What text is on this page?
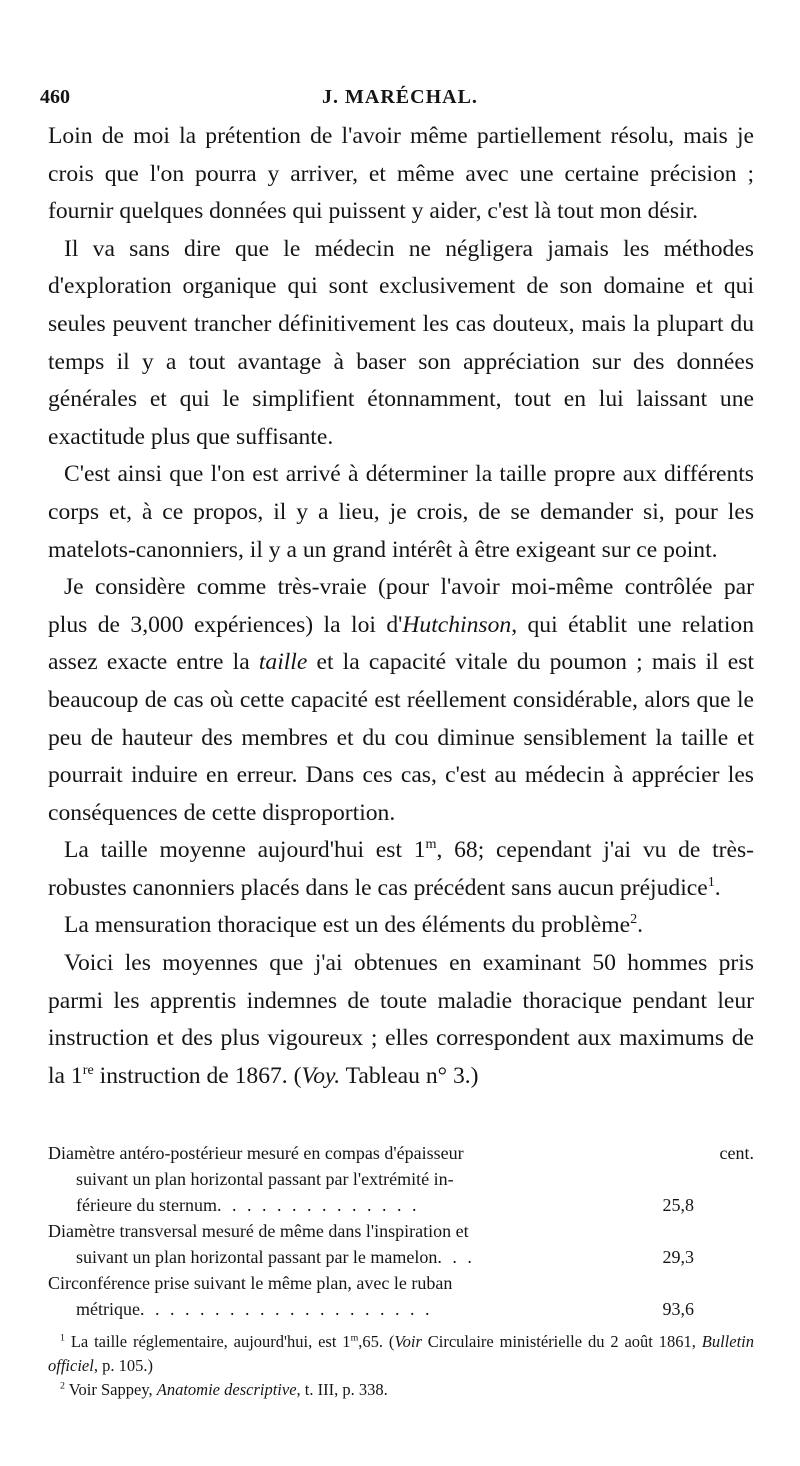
460	J. MARÉCHAL.

Loin de moi la prétention de l'avoir même partiellement résolu, mais je crois que l'on pourra y arriver, et même avec une certaine précision ; fournir quelques données qui puissent y aider, c'est là tout mon désir.

Il va sans dire que le médecin ne négligera jamais les méthodes d'exploration organique qui sont exclusivement de son domaine et qui seules peuvent trancher définitivement les cas douteux, mais la plupart du temps il y a tout avantage à baser son appréciation sur des données générales et qui le simplifient étonnamment, tout en lui laissant une exactitude plus que suffisante.

C'est ainsi que l'on est arrivé à déterminer la taille propre aux différents corps et, à ce propos, il y a lieu, je crois, de se demander si, pour les matelots-canonniers, il y a un grand intérêt à être exigeant sur ce point.

Je considère comme très-vraie (pour l'avoir moi-même contrôlée par plus de 3,000 expériences) la loi d'Hutchinson, qui établit une relation assez exacte entre la taille et la capacité vitale du poumon ; mais il est beaucoup de cas où cette capacité est réellement considérable, alors que le peu de hauteur des membres et du cou diminue sensiblement la taille et pourrait induire en erreur. Dans ces cas, c'est au médecin à apprécier les conséquences de cette disproportion.

La taille moyenne aujourd'hui est 1$^m$, 68; cependant j'ai vu de très-robustes canonniers placés dans le cas précédent sans aucun préjudice$^1$.

La mensuration thoracique est un des éléments du problème$^2$.

Voici les moyennes que j'ai obtenues en examinant 50 hommes pris parmi les apprentis indemnes de toute maladie thoracique pendant leur instruction et des plus vigoureux ; elles correspondent aux maximums de la 1re instruction de 1867. (Voy. Tableau n° 3.)

cent.
Diamètre antéro-postérieur mesuré en compas d'épaisseur
suivant un plan horizontal passant par l'extrémité in-
férieure du sternum. . . . . . . . . . . . . .	25,8
Diamètre transversal mesuré de même dans l'inspiration et
suivant un plan horizontal passant par le mamelon. . .	29,3
Circonférence prise suivant le même plan, avec le ruban
métrique. . . . . . . . . . . . . . . . . . . .	93,6

$^1$ La taille réglementaire, aujourd'hui, est 1$^m$,65. (Voir Circulaire ministérielle du 2 août 1861, Bulletin officiel, p. 105.)

$^2$ Voir Sappey, Anatomie descriptive, t. III, p. 338.
